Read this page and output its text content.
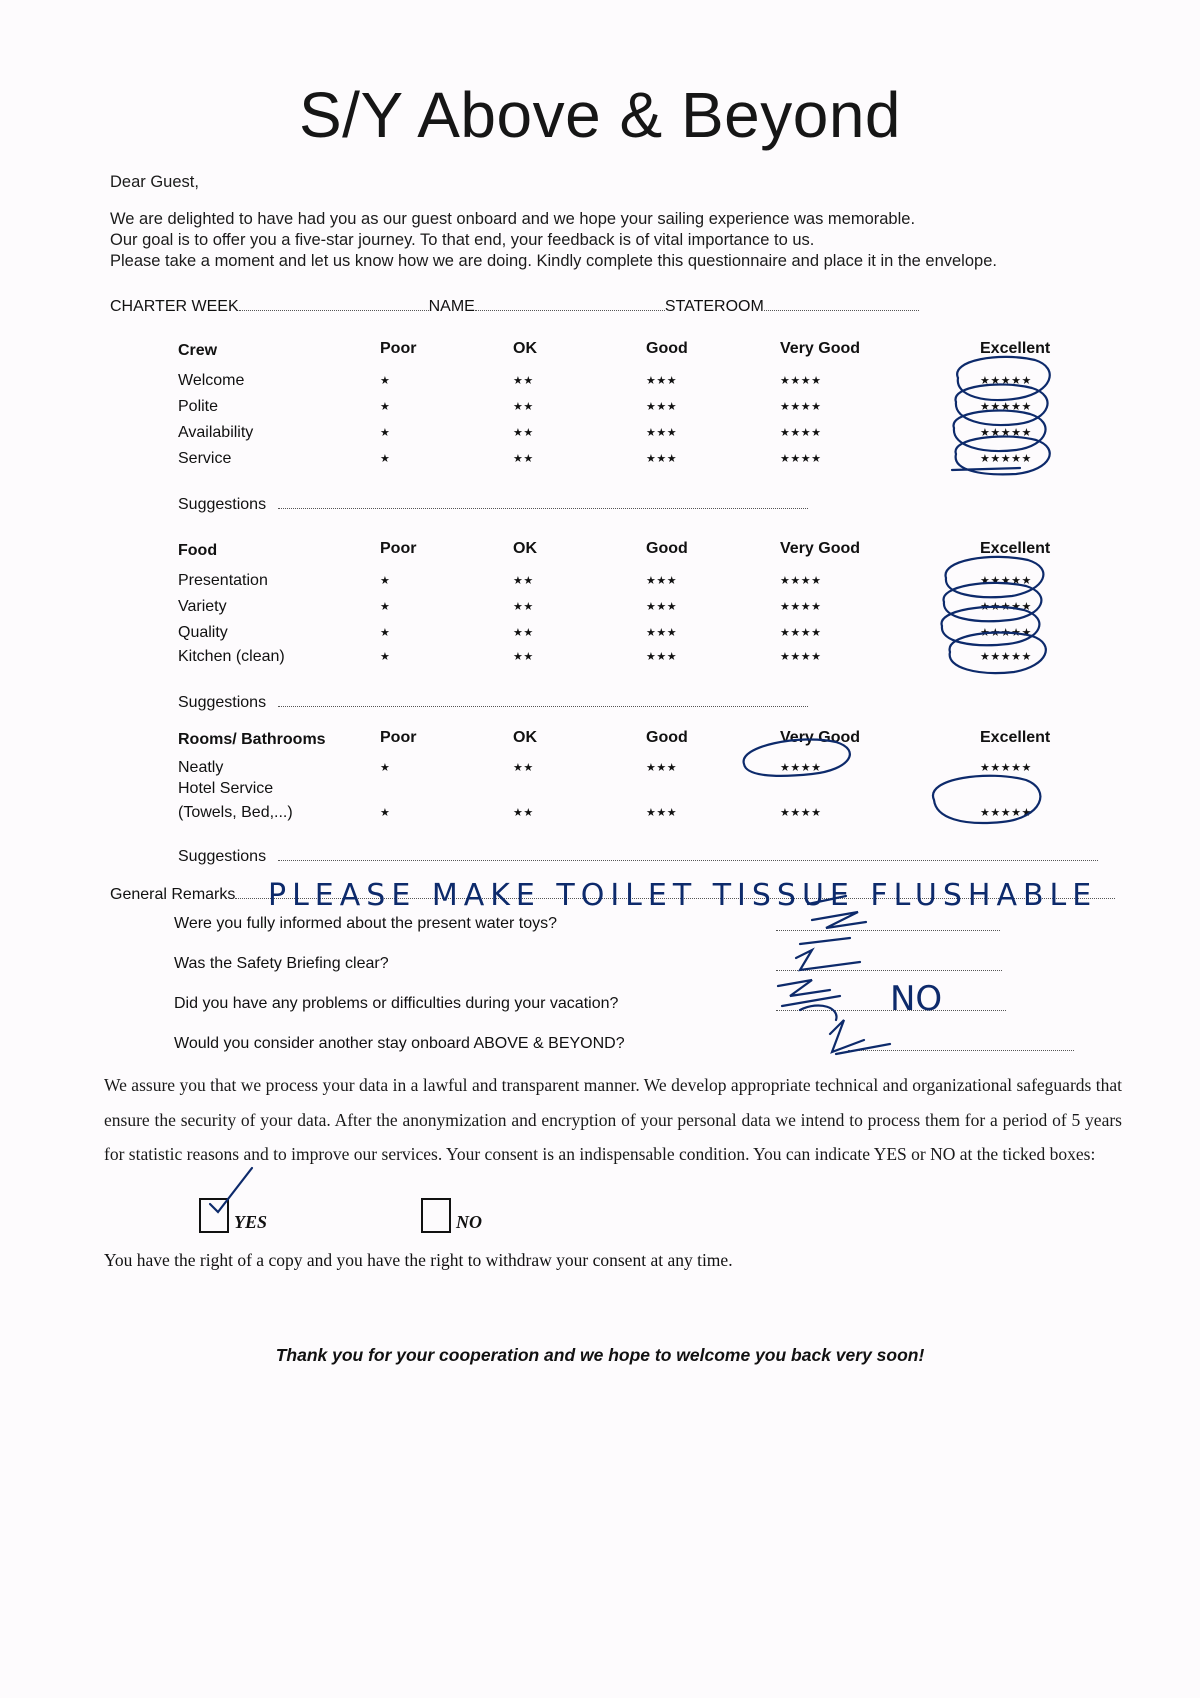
S/Y Above & Beyond
Dear Guest,
We are delighted to have had you as our guest onboard and we hope your sailing experience was memorable.
Our goal is to offer you a five-star journey. To that end, your feedback is of vital importance to us.
Please take a moment and let us know how we are doing. Kindly complete this questionnaire and place it in the envelope.
CHARTER WEEK	NAME	STATEROOM
Crew	Poor	OK	Good	Very Good	Excellent
Welcome	★	★★	★★★	★★★★	★★★★★
Polite	★	★★	★★★	★★★★	★★★★★
Availability	★	★★	★★★	★★★★	★★★★★
Service	★	★★	★★★	★★★★	★★★★★
Suggestions
Food	Poor	OK	Good	Very Good	Excellent
Presentation	★	★★	★★★	★★★★	★★★★★
Variety	★	★★	★★★	★★★★	★★★★★
Quality	★	★★	★★★	★★★★	★★★★★
Kitchen (clean)	★	★★	★★★	★★★★	★★★★★
Suggestions
Rooms/ Bathrooms	Poor	OK	Good	Very Good	Excellent
Neatly	★	★★	★★★	★★★★	★★★★★
Hotel Service
(Towels, Bed,...)	★	★★	★★★	★★★★	★★★★★
Suggestions
General Remarks
Were you fully informed about the present water toys?
Was the Safety Briefing clear?
Did you have any problems or difficulties during your vacation?
Would you consider another stay onboard ABOVE & BEYOND?
We assure you that we process your data in a lawful and transparent manner. We develop appropriate technical and organizational safeguards that ensure the security of your data. After the anonymization and encryption of your personal data we intend to process them for a period of 5 years for statistic reasons and to improve our services. Your consent is an indispensable condition. You can indicate YES or NO at the ticked boxes:
YES	NO
You have the right of a copy and you have the right to withdraw your consent at any time.
Thank you for your cooperation and we hope to welcome you back very soon!
PLEASE MAKE TOILET TISSUE FLUSHABLE
NO
